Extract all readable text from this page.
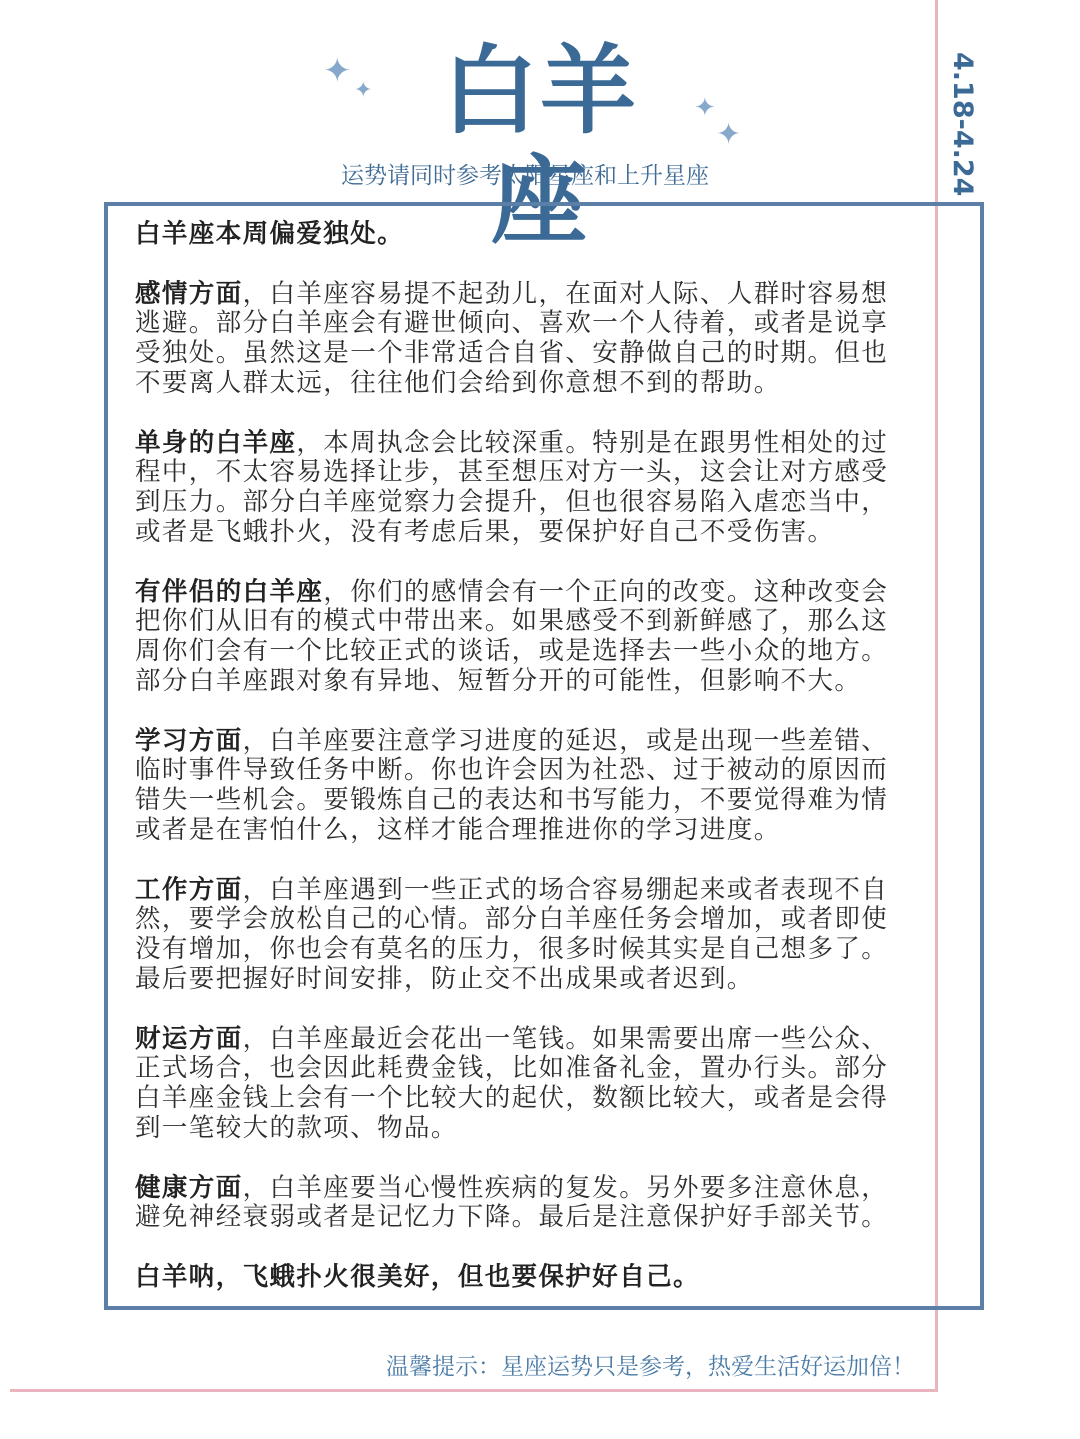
✦ ✦
✦
✦
白羊座
运势请同时参考太阳星座和上升星座	4.18-4.24

白羊座本周偏爱独处。

感情方面，白羊座容易提不起劲儿，在面对人际、人群时容易想逃避。部分白羊座会有避世倾向、喜欢一个人待着，或者是说享受独处。虽然这是一个非常适合自省、安静做自己的时期。但也不要离人群太远，往往他们会给到你意想不到的帮助。

单身的白羊座，本周执念会比较深重。特别是在跟男性相处的过程中，不太容易选择让步，甚至想压对方一头，这会让对方感受到压力。部分白羊座觉察力会提升，但也很容易陷入虐恋当中，或者是飞蛾扑火，没有考虑后果，要保护好自己不受伤害。

有伴侣的白羊座，你们的感情会有一个正向的改变。这种改变会把你们从旧有的模式中带出来。如果感受不到新鲜感了，那么这周你们会有一个比较正式的谈话，或是选择去一些小众的地方。部分白羊座跟对象有异地、短暂分开的可能性，但影响不大。

学习方面，白羊座要注意学习进度的延迟，或是出现一些差错、临时事件导致任务中断。你也许会因为社恐、过于被动的原因而错失一些机会。要锻炼自己的表达和书写能力，不要觉得难为情或者是在害怕什么，这样才能合理推进你的学习进度。

工作方面，白羊座遇到一些正式的场合容易绷起来或者表现不自然，要学会放松自己的心情。部分白羊座任务会增加，或者即使没有增加，你也会有莫名的压力，很多时候其实是自己想多了。最后要把握好时间安排，防止交不出成果或者迟到。

财运方面，白羊座最近会花出一笔钱。如果需要出席一些公众、正式场合，也会因此耗费金钱，比如准备礼金，置办行头。部分白羊座金钱上会有一个比较大的起伏，数额比较大，或者是会得到一笔较大的款项、物品。

健康方面，白羊座要当心慢性疾病的复发。另外要多注意休息，避免神经衰弱或者是记忆力下降。最后是注意保护好手部关节。

白羊呐，飞蛾扑火很美好，但也要保护好自己。

温馨提示：星座运势只是参考，热爱生活好运加倍！
